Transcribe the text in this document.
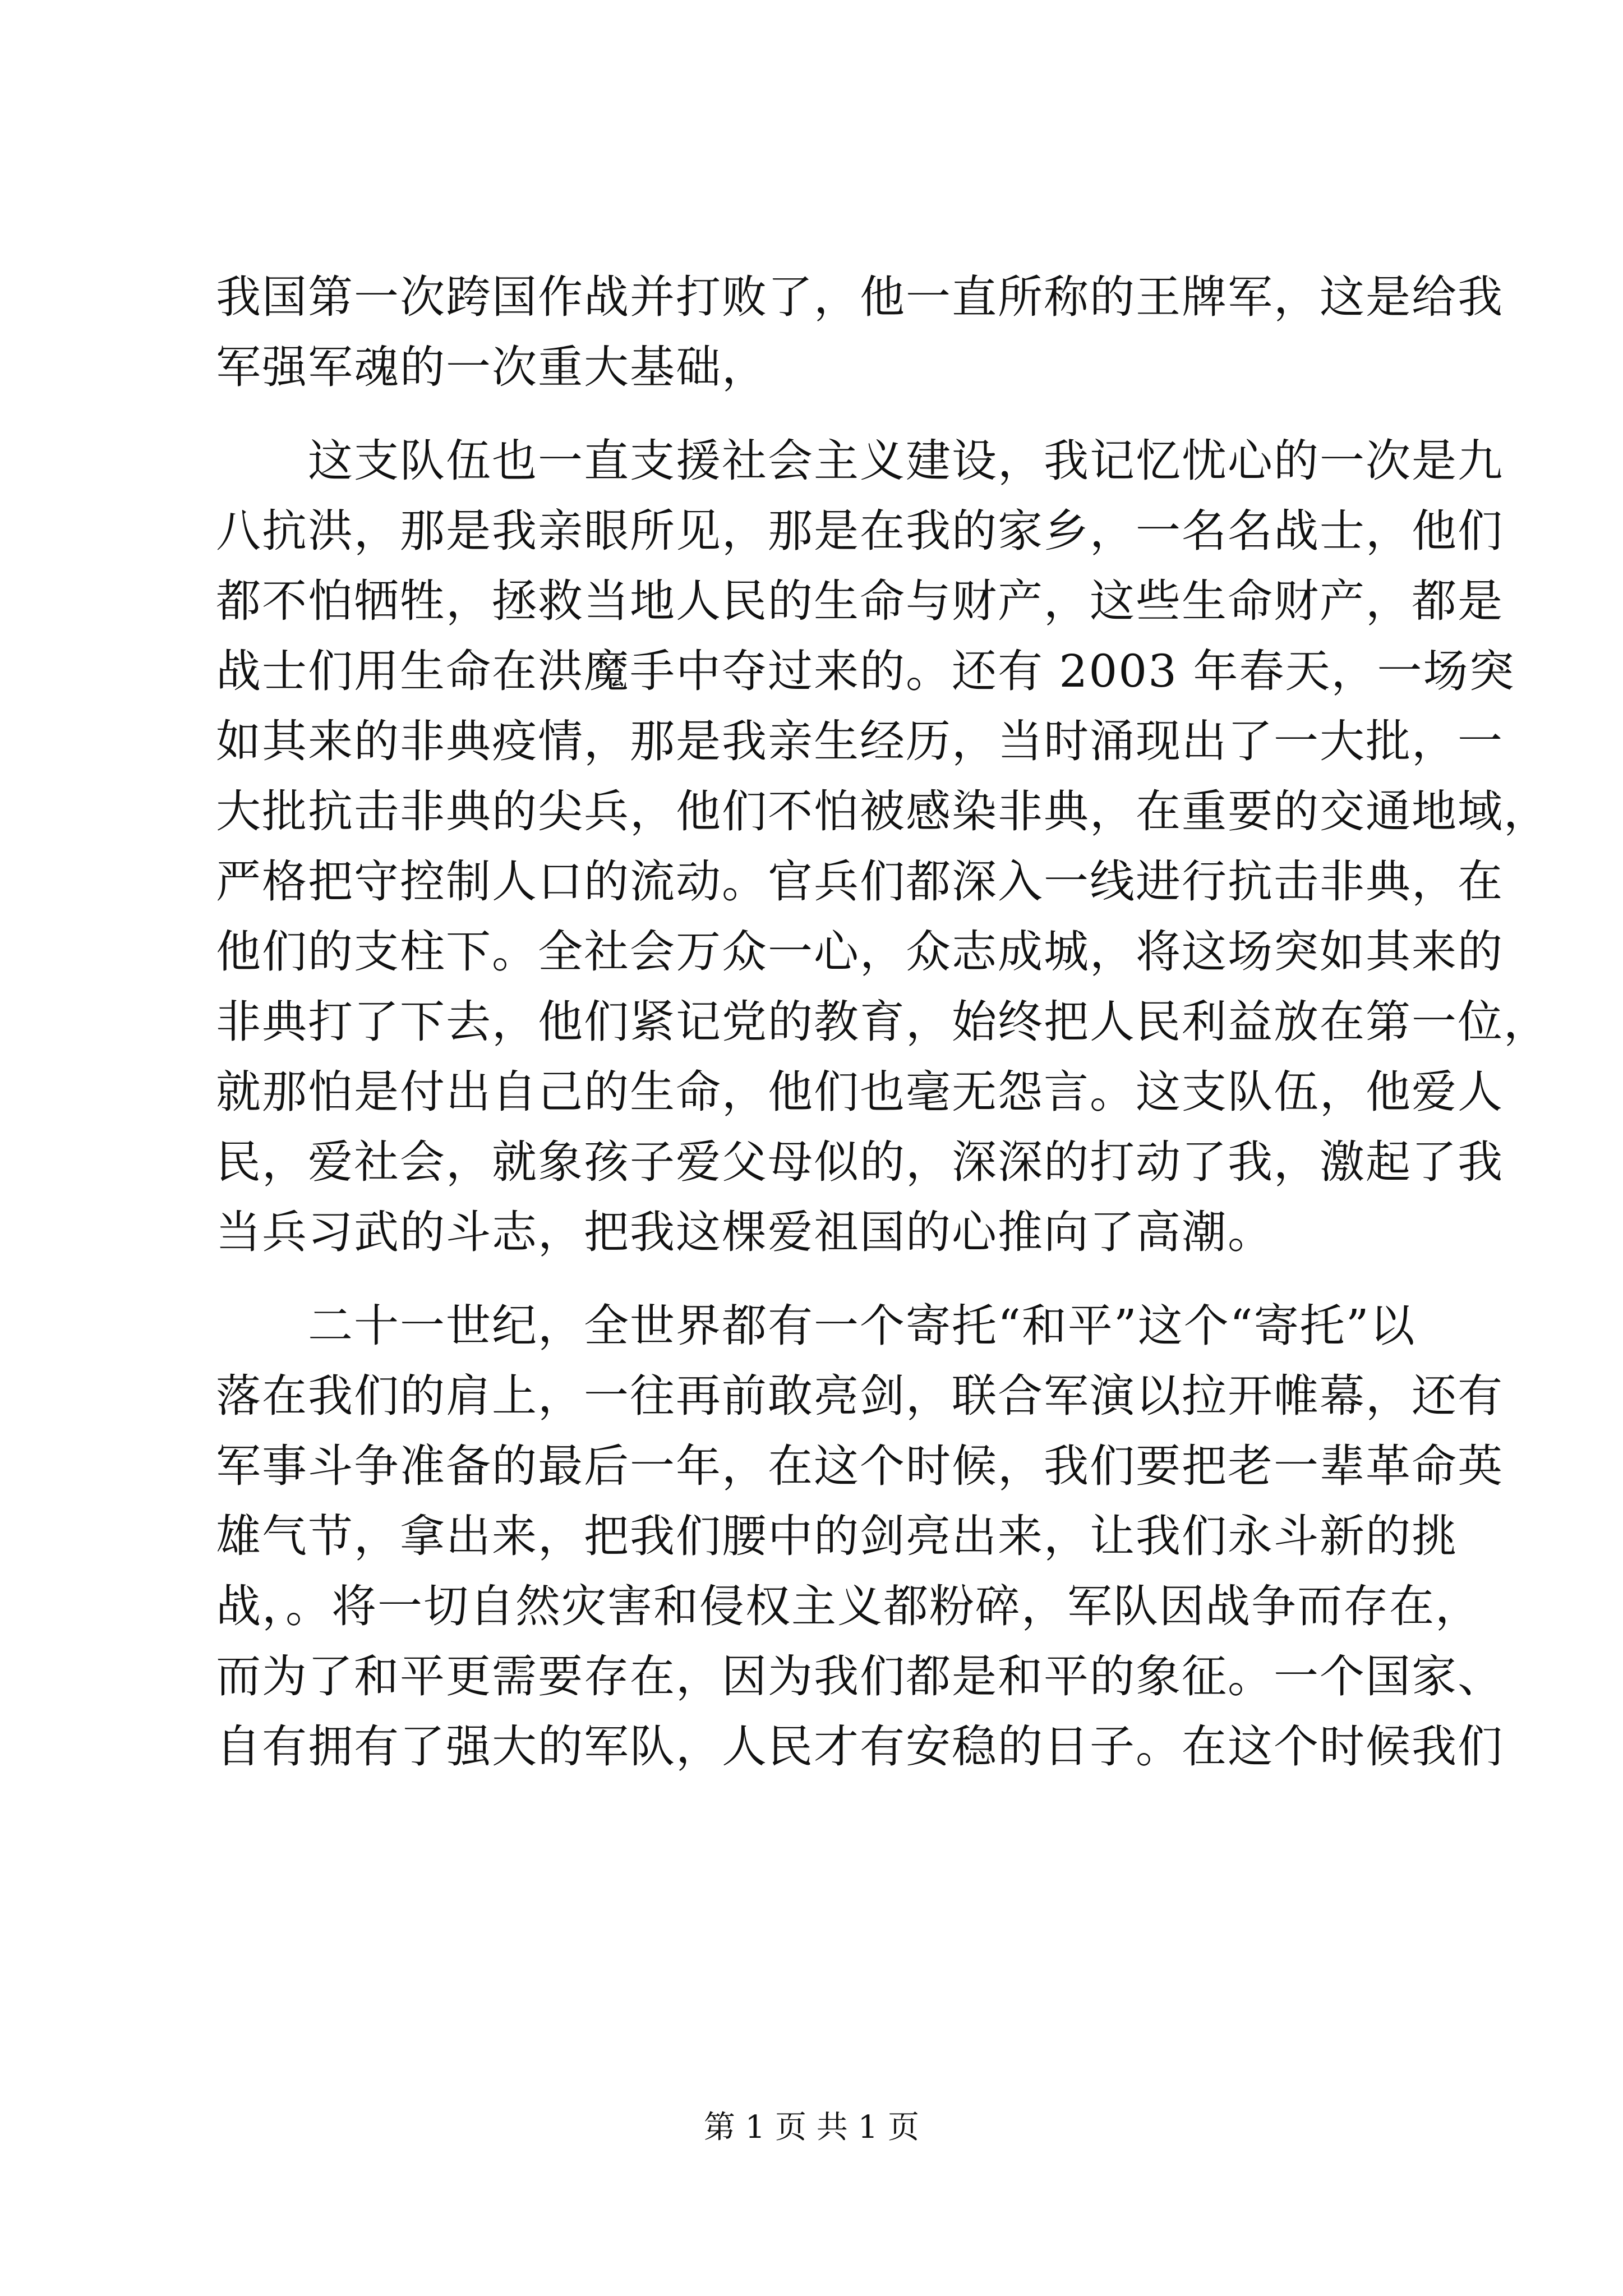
我国第一次跨国作战并打败了，他一直所称的王牌军，这是给我
军强军魂的一次重大基础，
这支队伍也一直支援社会主义建设，我记忆忧心的一次是九
八抗洪，那是我亲眼所见，那是在我的家乡，一名名战士，他们
都不怕牺牲，拯救当地人民的生命与财产，这些生命财产，都是
战士们用生命在洪魔手中夺过来的。还有 2003 年春天，一场突
如其来的非典疫情，那是我亲生经历，当时涌现出了一大批，一
大批抗击非典的尖兵，他们不怕被感染非典，在重要的交通地域，
严格把守控制人口的流动。官兵们都深入一线进行抗击非典，在
他们的支柱下。全社会万众一心，众志成城，将这场突如其来的
非典打了下去，他们紧记党的教育，始终把人民利益放在第一位，
就那怕是付出自己的生命，他们也毫无怨言。这支队伍，他爱人
民，爱社会，就象孩子爱父母似的，深深的打动了我，激起了我
当兵习武的斗志，把我这棵爱祖国的心推向了高潮。
二十一世纪，全世界都有一个寄托“和平”这个“寄托”以
落在我们的肩上，一往再前敢亮剑，联合军演以拉开帷幕，还有
军事斗争准备的最后一年，在这个时候，我们要把老一辈革命英
雄气节，拿出来，把我们腰中的剑亮出来，让我们永斗新的挑
战，。将一切自然灾害和侵权主义都粉碎，军队因战争而存在，
而为了和平更需要存在，因为我们都是和平的象征。一个国家、
自有拥有了强大的军队，人民才有安稳的日子。在这个时候我们
第 1 页 共 1 页
